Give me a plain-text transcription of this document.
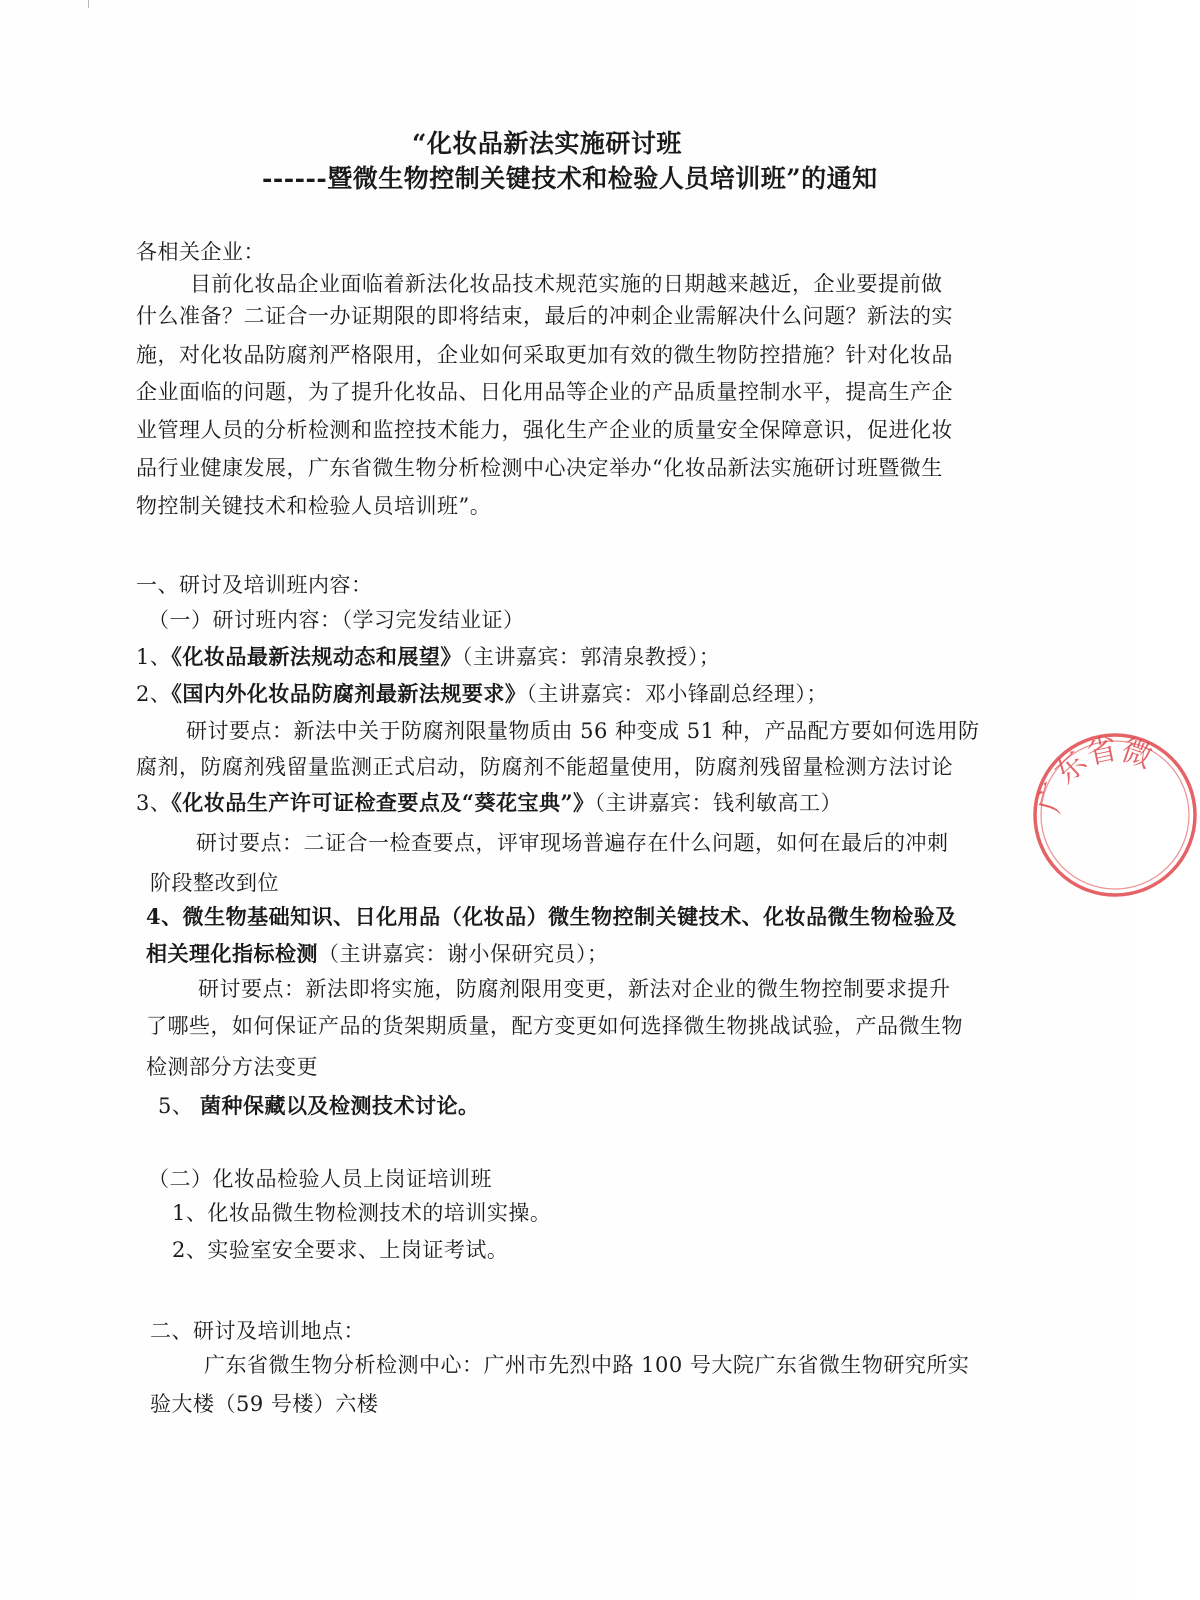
“化妆品新法实施研讨班
------暨微生物控制关键技术和检验人员培训班”的通知
各相关企业：
目前化妆品企业面临着新法化妆品技术规范实施的日期越来越近，企业要提前做
什么准备？二证合一办证期限的即将结束，最后的冲刺企业需解决什么问题？新法的实
施，对化妆品防腐剂严格限用，企业如何采取更加有效的微生物防控措施？针对化妆品
企业面临的问题，为了提升化妆品、日化用品等企业的产品质量控制水平，提高生产企
业管理人员的分析检测和监控技术能力，强化生产企业的质量安全保障意识，促进化妆
品行业健康发展，广东省微生物分析检测中心决定举办“化妆品新法实施研讨班暨微生
物控制关键技术和检验人员培训班”。
一、研讨及培训班内容：
（一）研讨班内容：（学习完发结业证）
1、《化妆品最新法规动态和展望》（主讲嘉宾：郭清泉教授）；
2、《国内外化妆品防腐剂最新法规要求》（主讲嘉宾：邓小锋副总经理）；
研讨要点：新法中关于防腐剂限量物质由 56 种变成 51 种，产品配方要如何选用防
腐剂，防腐剂残留量监测正式启动，防腐剂不能超量使用，防腐剂残留量检测方法讨论
3、《化妆品生产许可证检查要点及“葵花宝典”》（主讲嘉宾：钱利敏高工）
研讨要点：二证合一检查要点，评审现场普遍存在什么问题，如何在最后的冲刺
阶段整改到位
4、微生物基础知识、日化用品（化妆品）微生物控制关键技术、化妆品微生物检验及
相关理化指标检测（主讲嘉宾：谢小保研究员）；
研讨要点：新法即将实施，防腐剂限用变更，新法对企业的微生物控制要求提升
了哪些，如何保证产品的货架期质量，配方变更如何选择微生物挑战试验，产品微生物
检测部分方法变更
5、 菌种保藏以及检测技术讨论。
（二）化妆品检验人员上岗证培训班
1、化妆品微生物检测技术的培训实操。
2、实验室安全要求、上岗证考试。
二、研讨及培训地点：
广东省微生物分析检测中心：广州市先烈中路 100 号大院广东省微生物研究所实
验大楼（59 号楼）六楼
广东省微
